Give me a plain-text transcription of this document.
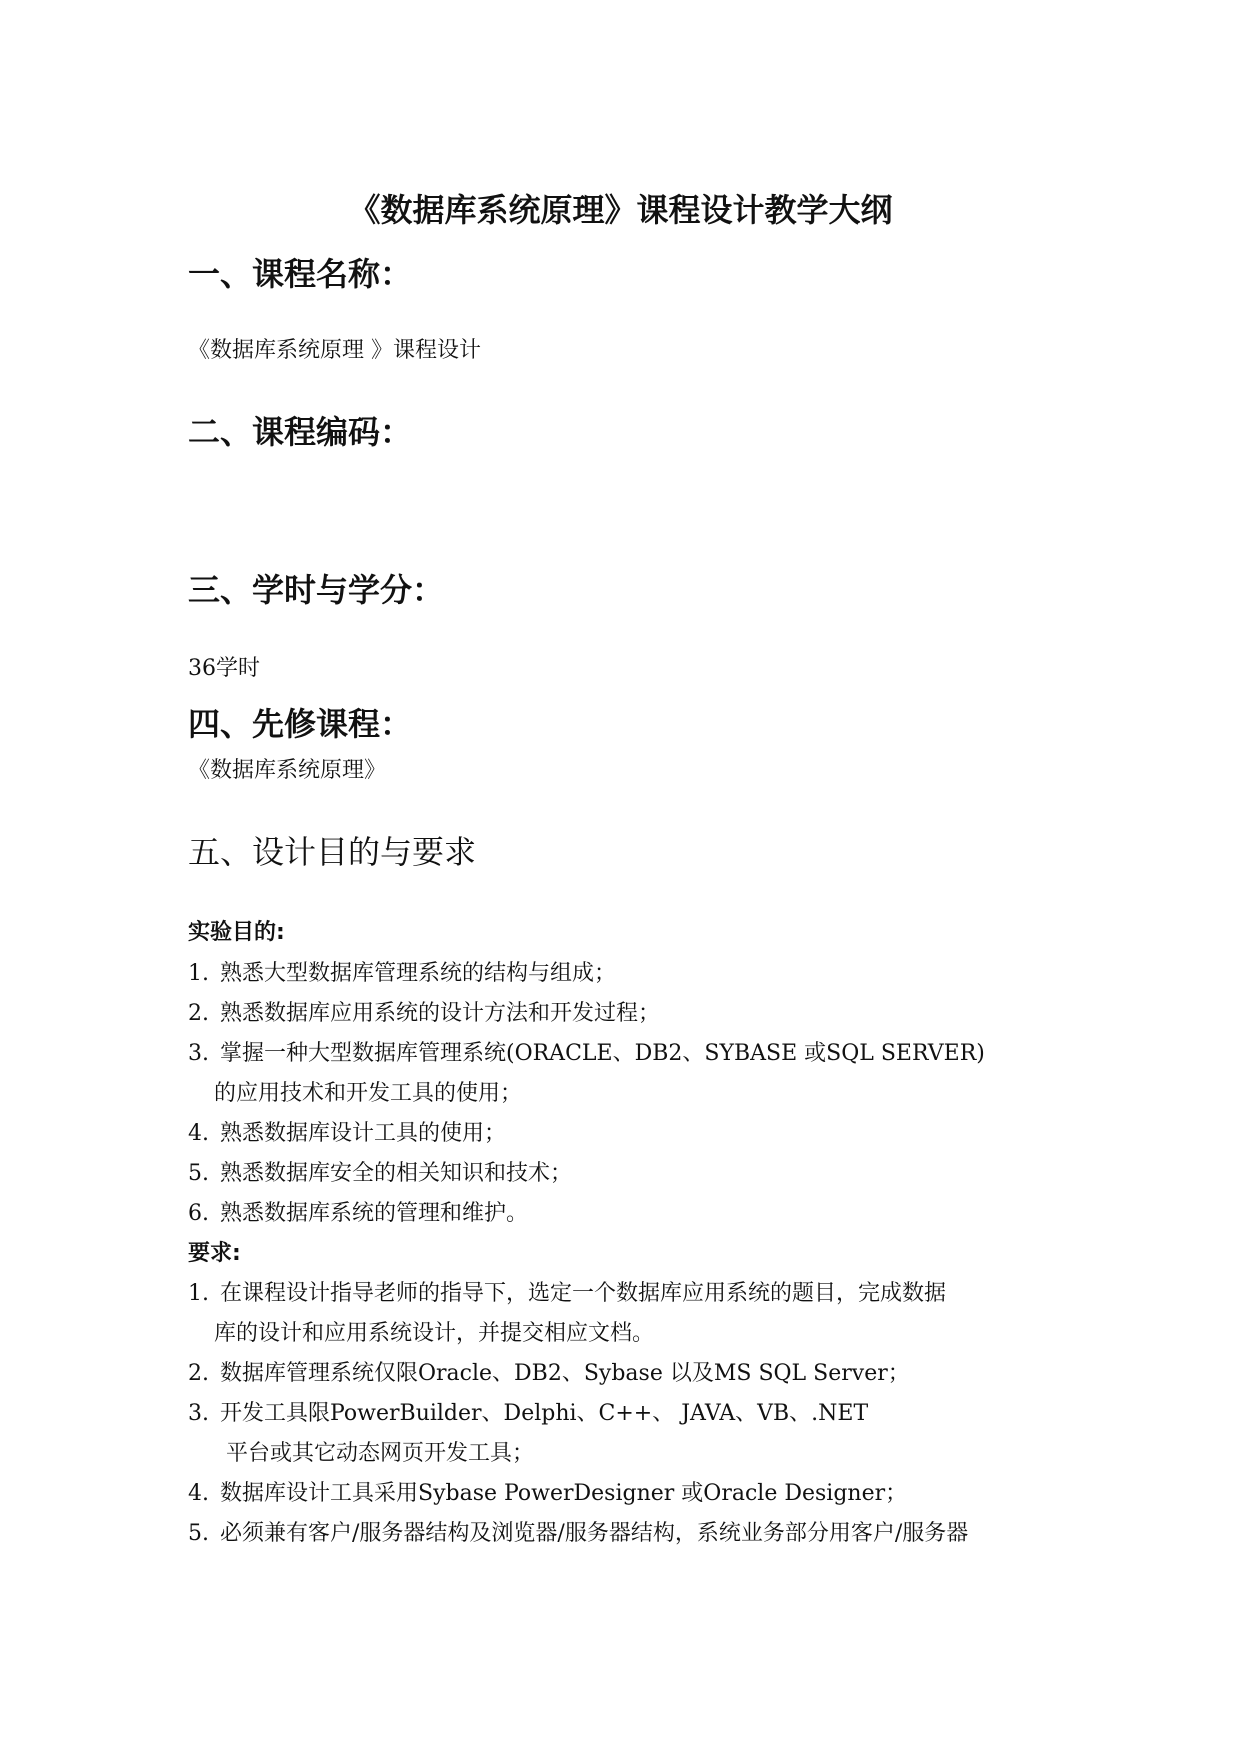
《数据库系统原理》课程设计教学大纲
一、课程名称：

《数据库系统原理 》课程设计

二、课程编码：
三、学时与学分：

36学时

四、先修课程：

《数据库系统原理》

五、设计目的与要求

实验目的:

1. 熟悉大型数据库管理系统的结构与组成；

2. 熟悉数据库应用系统的设计方法和开发过程；

3. 掌握一种大型数据库管理系统(ORACLE、DB2、SYBASE 或SQL SERVER)

的应用技术和开发工具的使用；

4. 熟悉数据库设计工具的使用；

5. 熟悉数据库安全的相关知识和技术；

6. 熟悉数据库系统的管理和维护。

要求:

1. 在课程设计指导老师的指导下，选定一个数据库应用系统的题目，完成数据

库的设计和应用系统设计，并提交相应文档。

2. 数据库管理系统仅限Oracle、DB2、Sybase 以及MS SQL Server；

3. 开发工具限PowerBuilder、Delphi、C++、 JAVA、VB、.NET

平台或其它动态网页开发工具；

4. 数据库设计工具采用Sybase PowerDesigner 或Oracle Designer；

5. 必须兼有客户/服务器结构及浏览器/服务器结构，系统业务部分用客户/服务器
